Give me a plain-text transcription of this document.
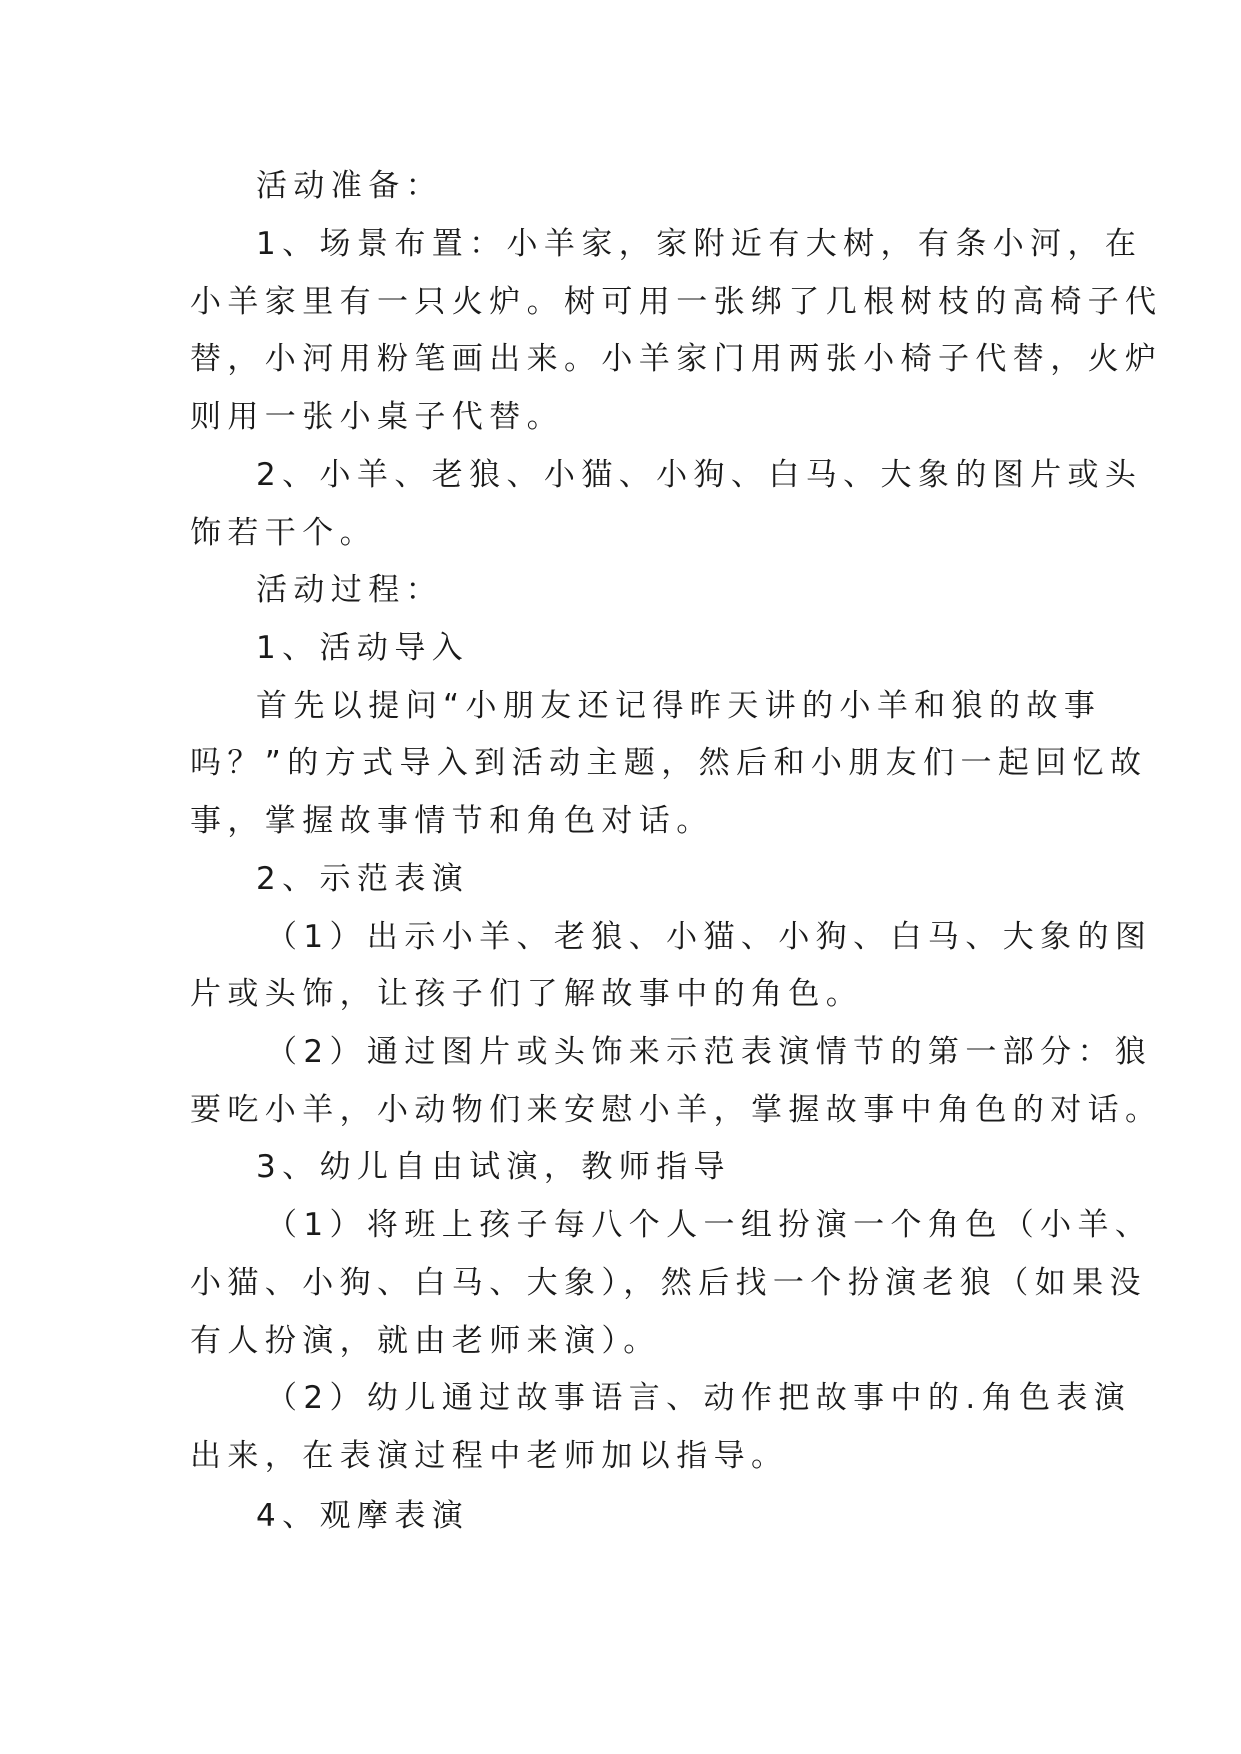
活动准备：
1、场景布置：小羊家，家附近有大树，有条小河，在
小羊家里有一只火炉。树可用一张绑了几根树枝的高椅子代
替，小河用粉笔画出来。小羊家门用两张小椅子代替，火炉
则用一张小桌子代替。
2、小羊、老狼、小猫、小狗、白马、大象的图片或头
饰若干个。
活动过程：
1、活动导入
首先以提问“小朋友还记得昨天讲的小羊和狼的故事
吗？”的方式导入到活动主题，然后和小朋友们一起回忆故
事，掌握故事情节和角色对话。
2、示范表演
（1）出示小羊、老狼、小猫、小狗、白马、大象的图
片或头饰，让孩子们了解故事中的角色。
（2）通过图片或头饰来示范表演情节的第一部分：狼
要吃小羊，小动物们来安慰小羊，掌握故事中角色的对话。
3、幼儿自由试演，教师指导
（1）将班上孩子每八个人一组扮演一个角色（小羊、
小猫、小狗、白马、大象），然后找一个扮演老狼（如果没
有人扮演，就由老师来演）。
（2）幼儿通过故事语言、动作把故事中的.角色表演
出来，在表演过程中老师加以指导。
4、观摩表演
